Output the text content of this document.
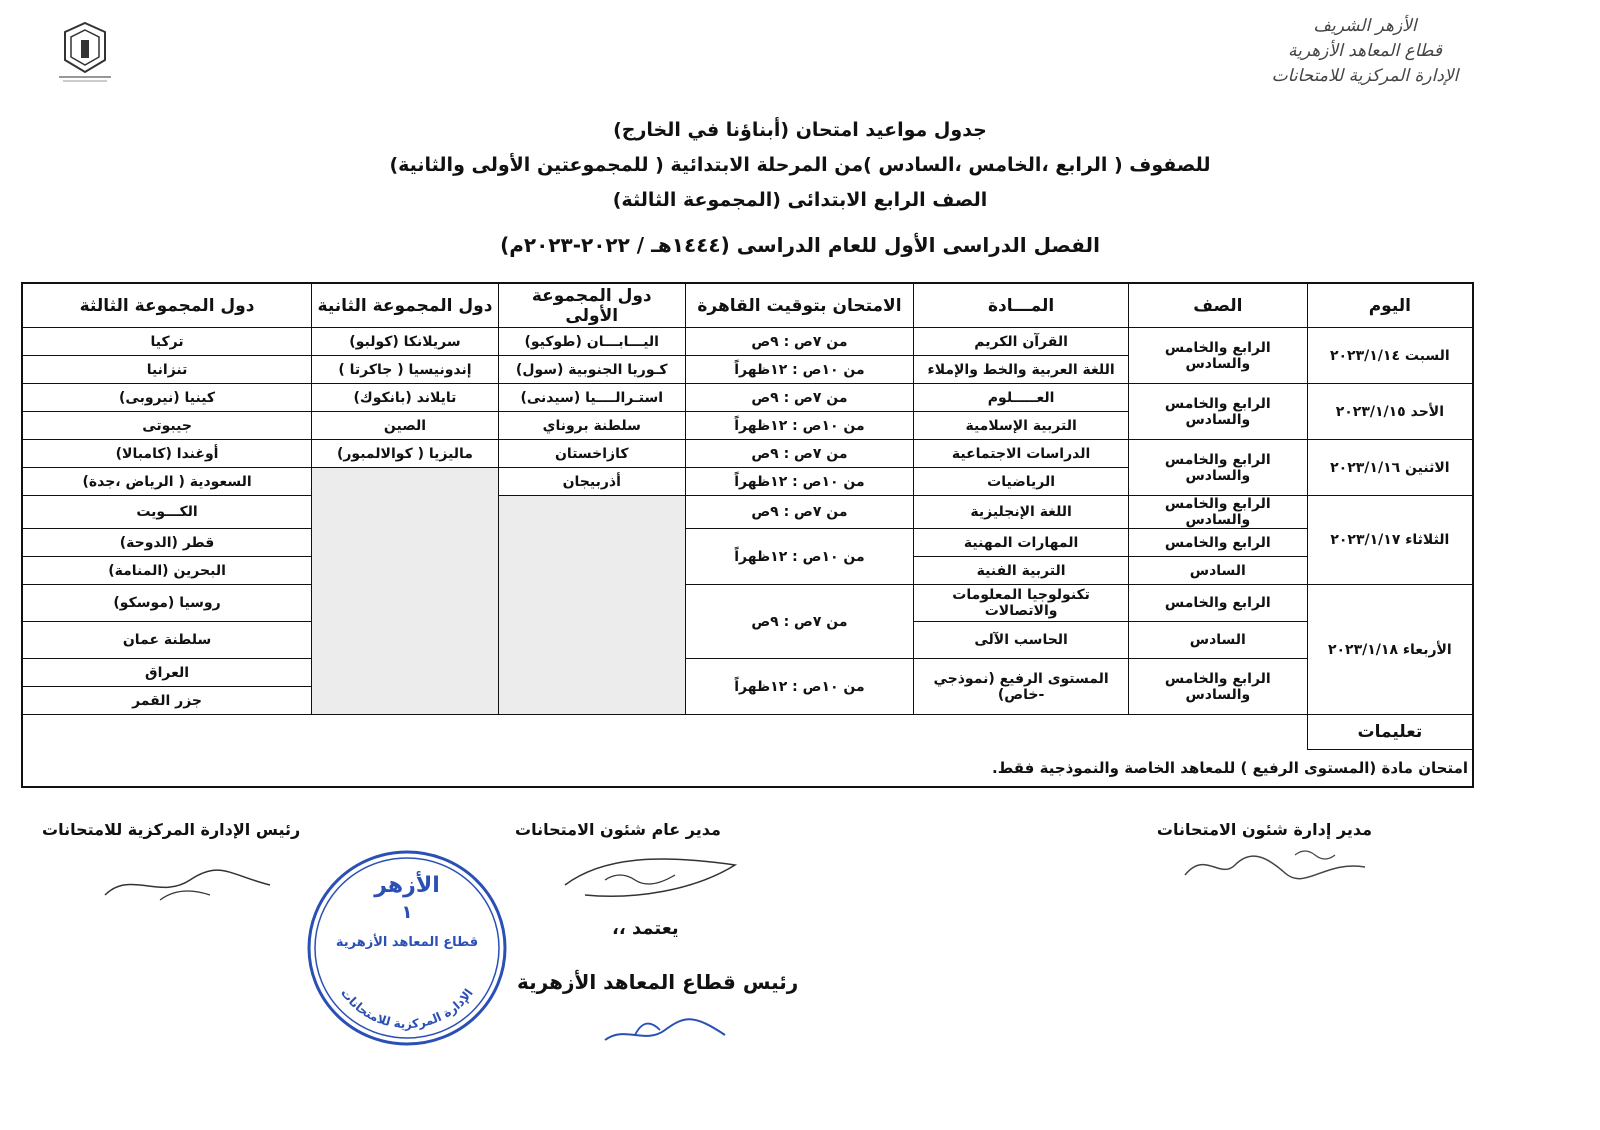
الأزهر الشريف
قطاع المعاهد الأزهرية
الإدارة المركزية للامتحانات
جدول مواعيد امتحان (أبناؤنا في الخارج)
للصفوف ( الرابع ،الخامس ،السادس )من المرحلة الابتدائية ( للمجموعتين الأولى والثانية)
الصف الرابع الابتدائى (المجموعة الثالثة)
الفصل الدراسى الأول للعام الدراسى (١٤٤٤هـ / ٢٠٢٢-٢٠٢٣م)
اليوم	الصف	المـــادة	الامتحان بتوقيت القاهرة	دول المجموعة الأولى	دول المجموعة الثانية	دول المجموعة الثالثة
السبت ٢٠٢٣/١/١٤	الرابع والخامس والسادس	القرآن الكريم	من ٧ص : ٩ص	اليـــابـــان (طوكيو)	سريلانكا (كولبو)	تركيا
		اللغة العربية والخط والإملاء	من ١٠ص : ١٢ظهراً	كـوريا الجنوبية (سول)	إندونيسيا ( جاكرتا )	تنزانيا
الأحد ٢٠٢٣/١/١٥	الرابع والخامس والسادس	العـــــلوم	من ٧ص : ٩ص	استـرالــــيا (سيدنى)	تايلاند (بانكوك)	كينيا (نيروبى)
		التربية الإسلامية	من ١٠ص : ١٢ظهراً	سلطنة بروناي	الصين	جيبوتى
الاثنين ٢٠٢٣/١/١٦	الرابع والخامس والسادس	الدراسات الاجتماعية	من ٧ص : ٩ص	كازاخستان	ماليزيا ( كوالالمبور)	أوغندا (كامبالا)
		الرياضيات	من ١٠ص : ١٢ظهراً	أذربيجان		السعودية ( الرياض ،جدة)
الثلاثاء ٢٠٢٣/١/١٧	الرابع والخامس والسادس	اللغة الإنجليزية	من ٧ص : ٩ص			الكـــويت
	الرابع والخامس	المهارات المهنية	من ١٠ص : ١٢ظهراً			قطر (الدوحة)
	السادس	التربية الفنية				البحرين (المنامة)
الأربعاء ٢٠٢٣/١/١٨	الرابع والخامس	تكنولوجيا المعلومات والاتصالات	من ٧ص : ٩ص			روسيا (موسكو)
	السادس	الحاسب الآلى				سلطنة عمان
	الرابع والخامس والسادس	المستوى الرفيع (نموذجي -خاص)	من ١٠ص : ١٢ظهراً			العراق
						جزر القمر
تعليمات						
امتحان مادة (المستوى الرفيع ) للمعاهد الخاصة والنموذجية فقط.						
مدير إدارة شئون الامتحانات
مدير عام شئون الامتحانات
رئيس الإدارة المركزية للامتحانات
الأزهر
١
قطاع المعاهد الأزهرية
الإدارة المركزية للامتحانات
يعتمد ،،
رئيس قطاع المعاهد الأزهرية
